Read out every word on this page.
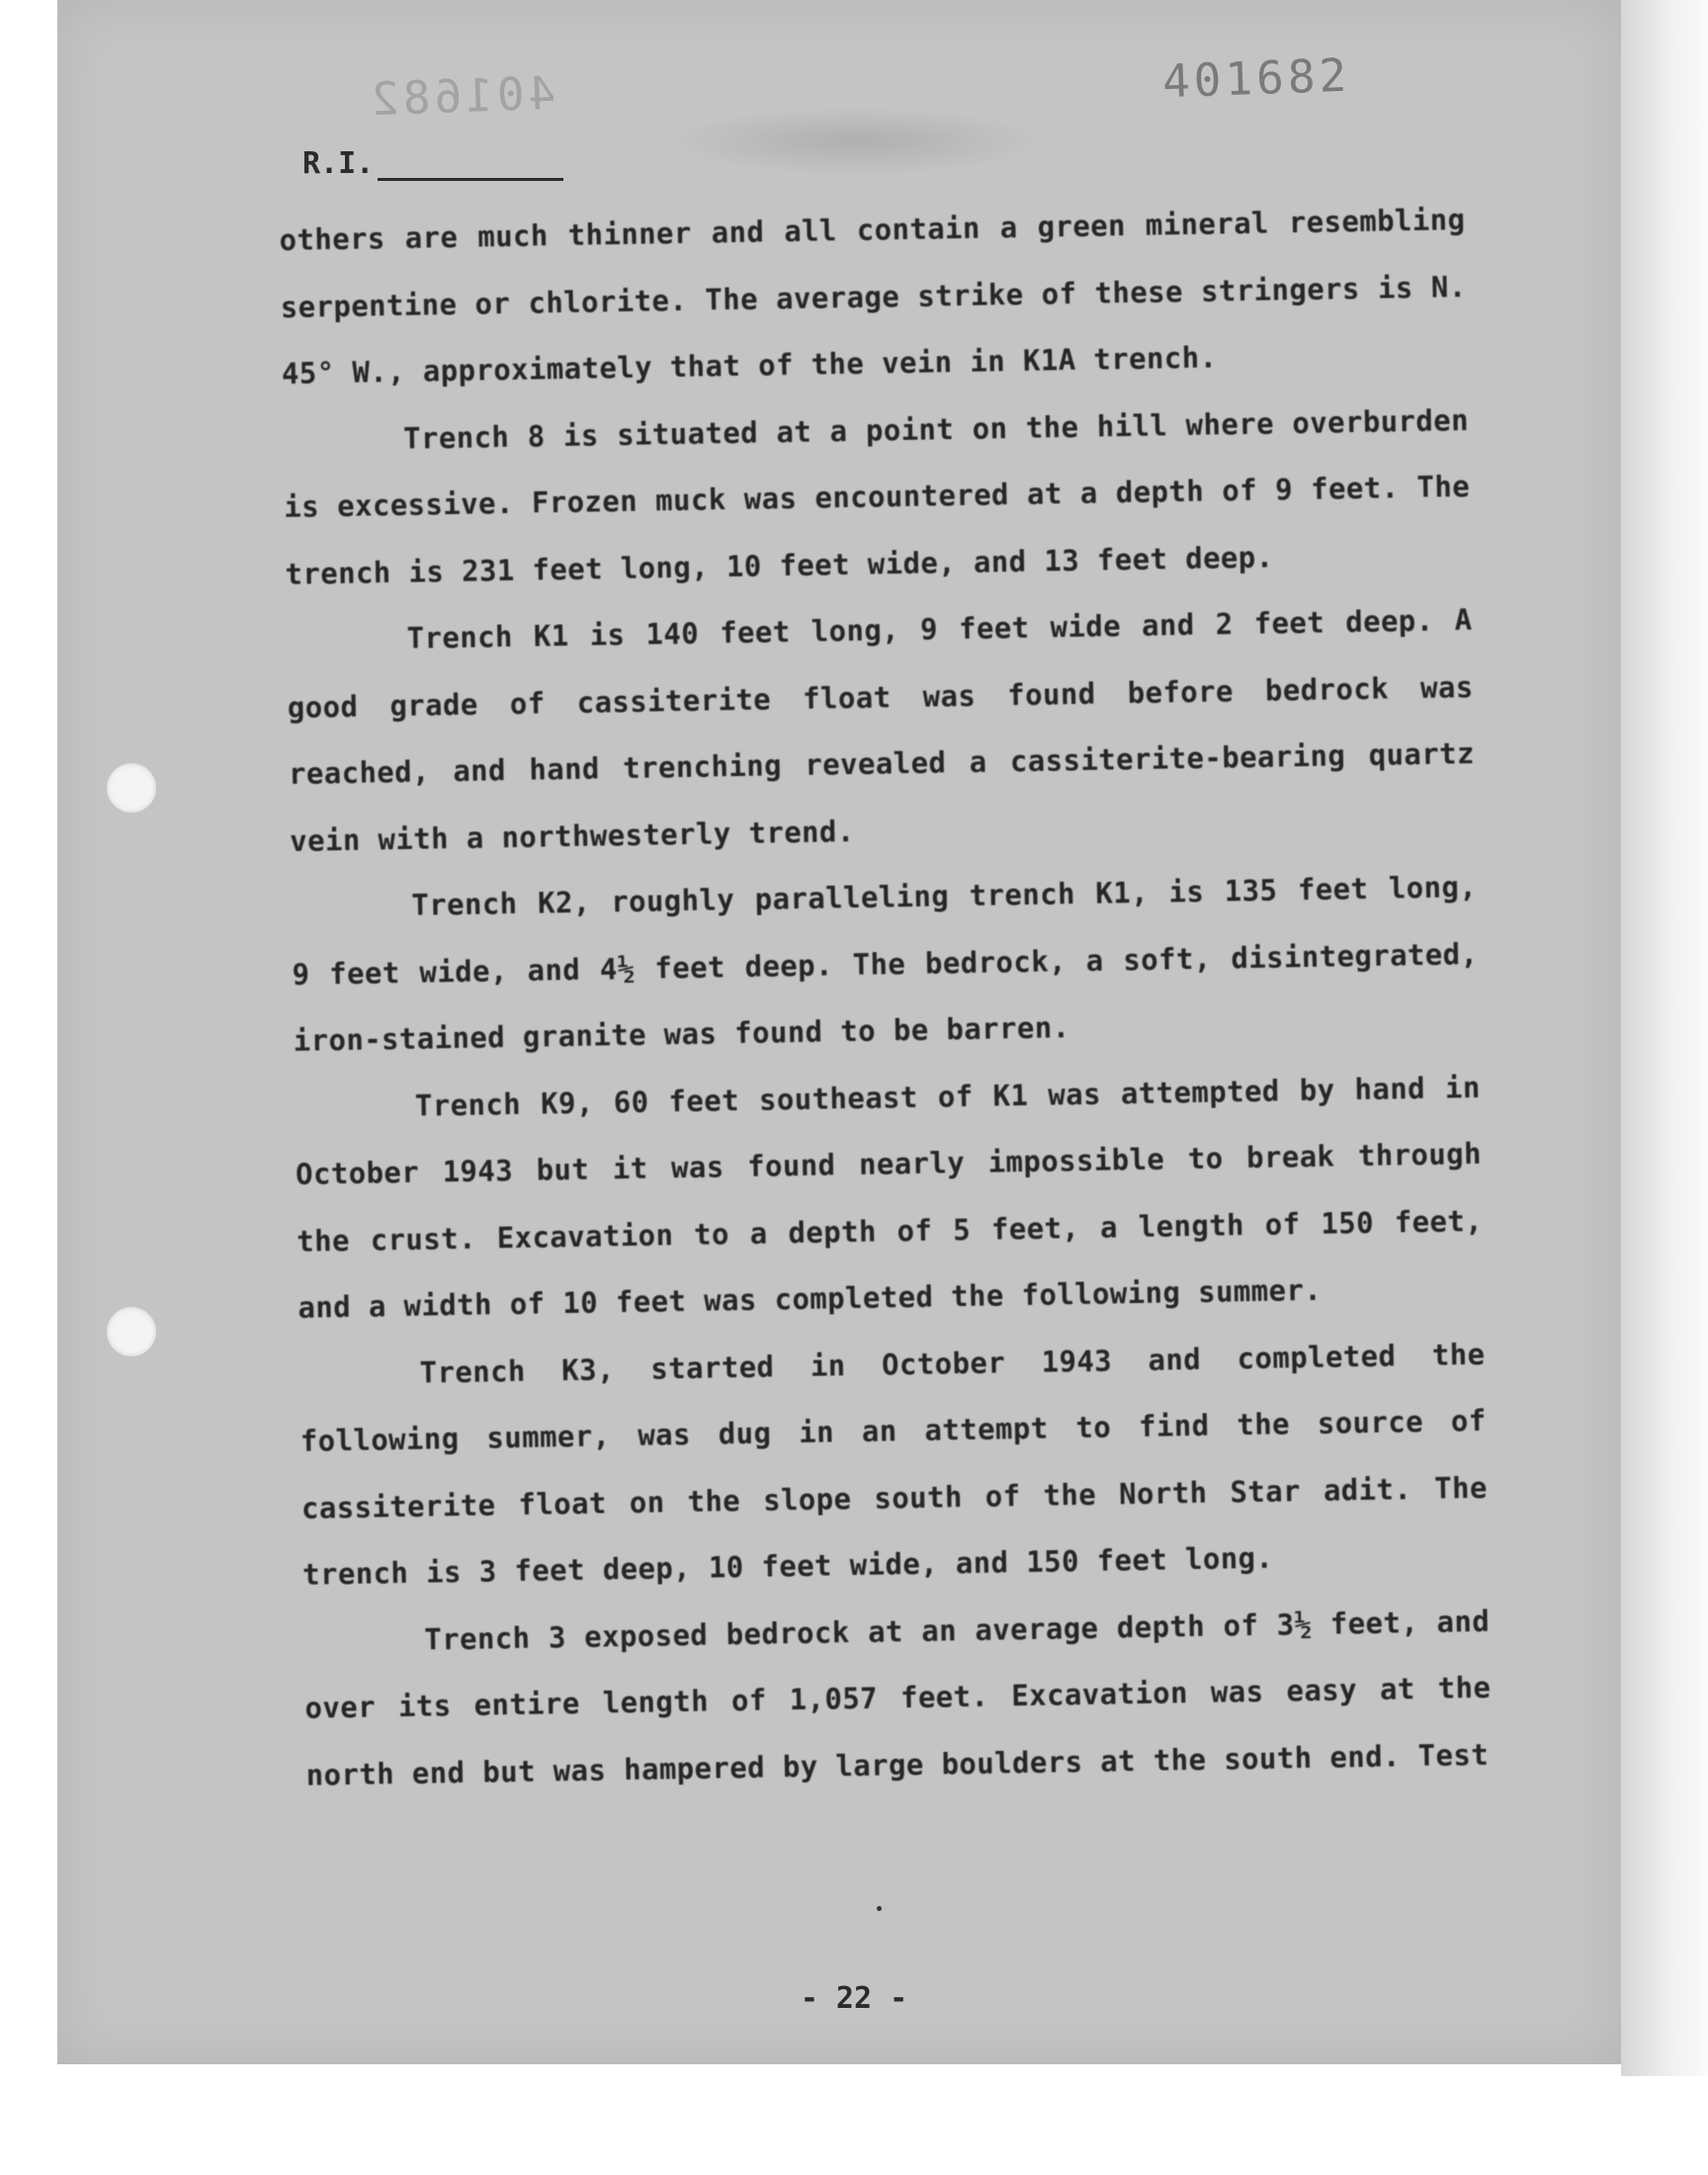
401682	401682
R.I.

others are much thinner and all contain a green mineral resembling serpentine or chlorite. The average strike of these stringers is N. 45° W., approximately that of the vein in K1A trench.

Trench 8 is situated at a point on the hill where overburden is excessive. Frozen muck was encountered at a depth of 9 feet. The trench is 231 feet long, 10 feet wide, and 13 feet deep.

Trench K1 is 140 feet long, 9 feet wide and 2 feet deep. A good grade of cassiterite float was found before bedrock was reached, and hand trenching revealed a cassiterite-bearing quartz vein with a northwesterly trend.

Trench K2, roughly paralleling trench K1, is 135 feet long, 9 feet wide, and 4½ feet deep. The bedrock, a soft, disintegrated, iron-stained granite was found to be barren.

Trench K9, 60 feet southeast of K1 was attempted by hand in October 1943 but it was found nearly impossible to break through the crust. Excavation to a depth of 5 feet, a length of 150 feet, and a width of 10 feet was completed the following summer.

Trench K3, started in October 1943 and completed the following summer, was dug in an attempt to find the source of cassiterite float on the slope south of the North Star adit. The trench is 3 feet deep, 10 feet wide, and 150 feet long.

Trench 3 exposed bedrock at an average depth of 3½ feet, and over its entire length of 1,057 feet. Excavation was easy at the north end but was hampered by large boulders at the south end. Test

- 22 -
